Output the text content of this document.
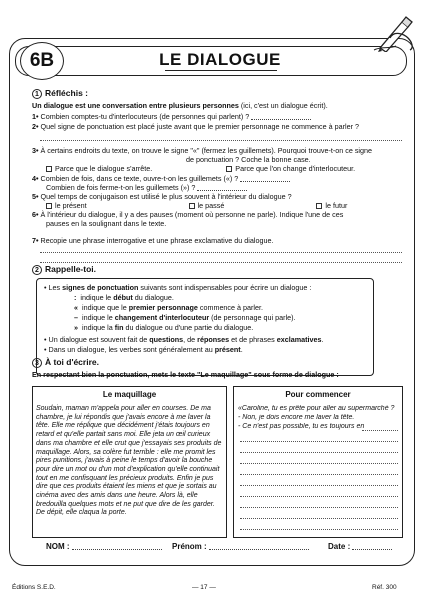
6B	LE DIALOGUE
1 Réfléchis :
Un dialogue est une conversation entre plusieurs personnes (ici, c'est un dialogue écrit).
1• Combien comptes-tu d'interlocuteurs (de personnes qui parlent) ?
2• Quel signe de ponctuation est placé juste avant que le premier personnage ne commence à parler ?
3• À certains endroits du texte, on trouve le signe "«" (fermez les guillemets). Pourquoi trouve-t-on ce signe
de ponctuation ? Coche la bonne case.
Parce que le dialogue s'arrête.	Parce que l'on change d'interlocuteur.
4• Combien de fois, dans ce texte, ouvre-t-on les guillemets («) ?
Combien de fois ferme-t-on les guillemets (») ?
5• Quel temps de conjugaison est utilisé le plus souvent à l'intérieur du dialogue ?
le présent	le passé	le futur
6• À l'intérieur du dialogue, il y a des pauses (moment où personne ne parle). Indique l'une de ces
pauses en la soulignant dans le texte.
7• Recopie une phrase interrogative et une phrase exclamative du dialogue.
2 Rappelle-toi.
• Les signes de ponctuation suivants sont indispensables pour écrire un dialogue :
: indique le début du dialogue.
« indique que le premier personnage commence à parler.
– indique le changement d'interlocuteur (de personnage qui parle).
» indique la fin du dialogue ou d'une partie du dialogue.
• Un dialogue est souvent fait de questions, de réponses et de phrases exclamatives.
• Dans un dialogue, les verbes sont généralement au présent.
3 À toi d'écrire.
En respectant bien la ponctuation, mets le texte "Le maquillage" sous forme de dialogue :
Le maquillage
Soudain, maman m'appela pour aller en courses. De ma chambre, je lui répondis que j'avais encore à me laver la tête. Elle me réplique que décidément j'étais toujours en retard et qu'elle partait sans moi. Elle jeta un œil curieux dans ma chambre et elle crut que j'essayais ses produits de maquillage. Alors, sa colère fut terrible : elle me promit les pires punitions, j'avais à peine le temps d'avoir la bouche pour dire un mot ou d'un mot d'explication qu'elle continuait tout en me confisquant les précieux produits. Enfin je pus dire que ces produits étaient les miens et que je sortais au cinéma avec des amis dans une heure. Alors là, elle bredouilla quelques mots et ne put que dire de les garder. De dépit, elle claqua la porte.
Pour commencer
«Caroline, tu es prête pour aller au supermarché ?
- Non, je dois encore me laver la tête.
- Ce n'est pas possible, tu es toujours en
NOM :	Prénom :	Date :
Éditions S.E.D.	— 17 —	Réf. 300
